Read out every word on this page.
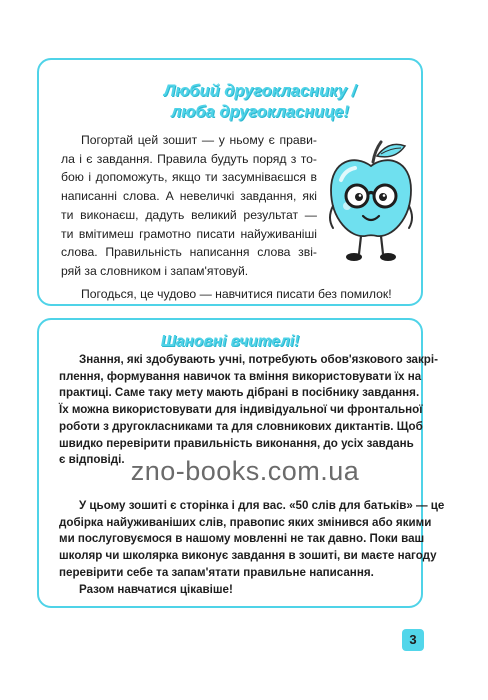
Любий другокласнику /
люба другокласнице!
Погортай цей зошит — у ньому є прави-
ла і є завдання. Правила будуть поряд з то-
бою і допоможуть, якщо ти засумніваєшся в
написанні слова. А невеличкі завдання, які
ти виконаєш, дадуть великий результат —
ти вмітимеш грамотно писати найуживаніші
слова. Правильність написання слова зві-
ряй за словником і запам'ятовуй.

Погодься, це чудово — навчитися писати без помилок!

Шановні вчителі!
Знання, які здобувають учні, потребують обов'язкового закрі-
плення, формування навичок та вміння використовувати їх на
практиці. Саме таку мету мають дібрані в посібнику завдання.
Їх можна використовувати для індивідуальної чи фронтальної
роботи з другокласниками та для словникових диктантів. Щоб
швидко перевірити правильність виконання, до усіх завдань
є відповіді.
У цьому зошиті є сторінка і для вас. «50 слів для батьків» — це
добірка найуживаніших слів, правопис яких змінився або якими
ми послуговуємося в нашому мовленні не так давно. Поки ваш
школяр чи школярка виконує завдання в зошиті, ви маєте нагоду
перевірити себе та запам'ятати правильне написання.
Разом навчатися цікавіше!
zno-books.com.ua
3
